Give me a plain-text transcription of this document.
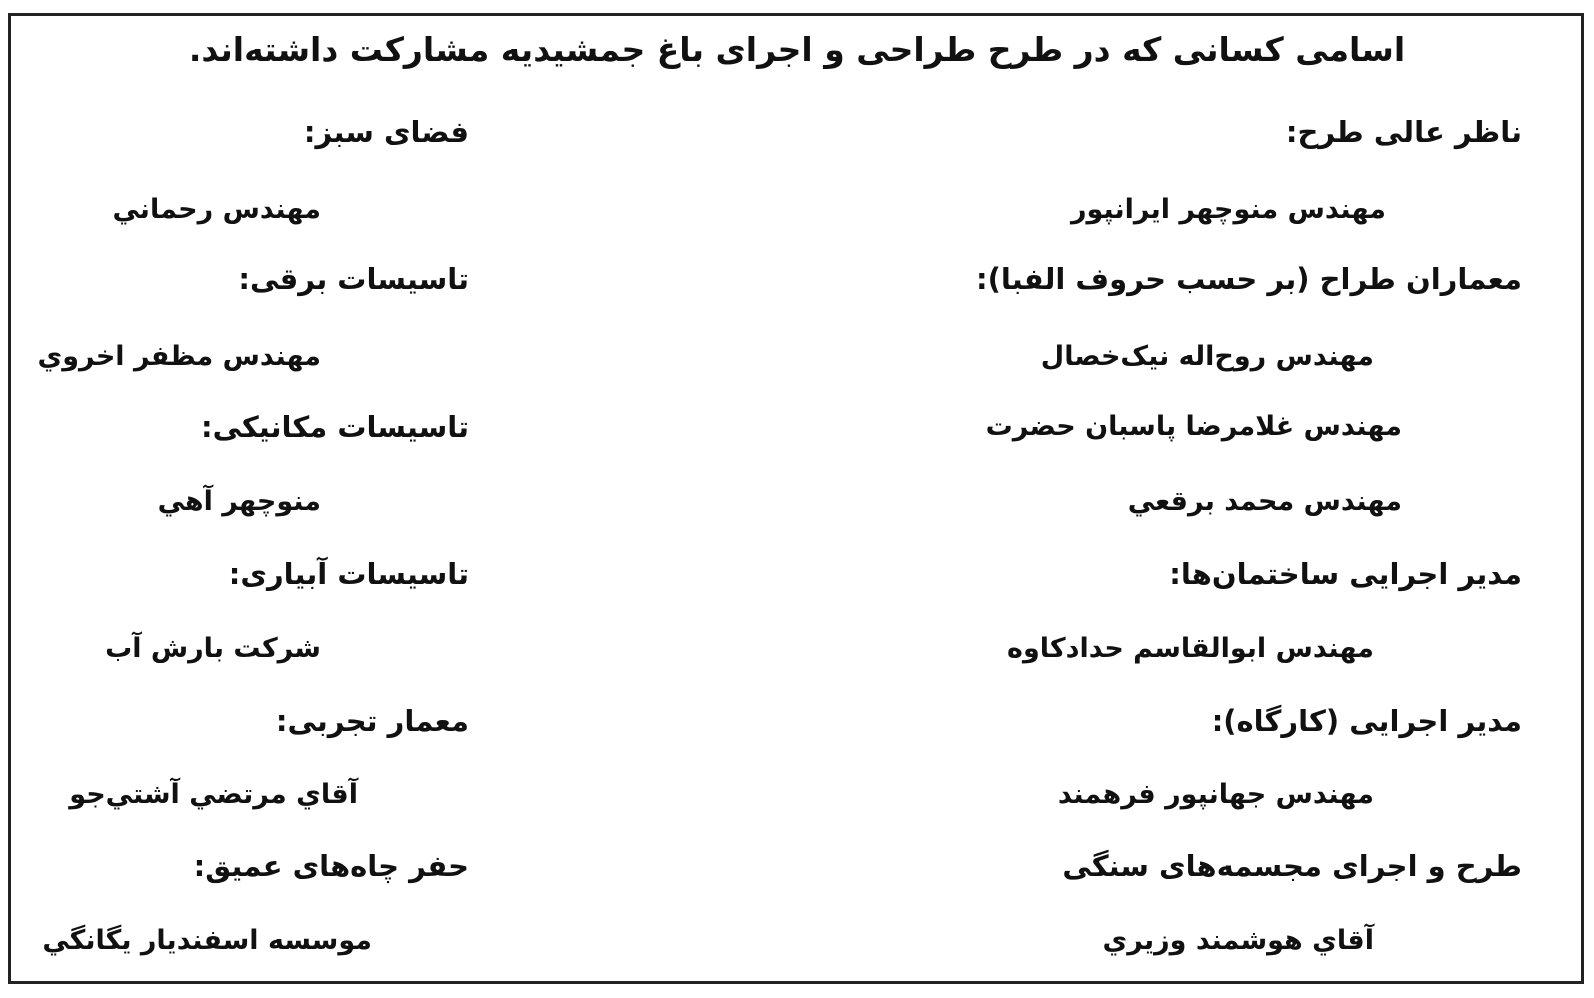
اسامی کسانی که در طرح طراحی و اجرای باغ جمشیدیه مشارکت داشته‌اند.
ناظر عالی طرح:
مهندس منوچهر ایرانپور
معماران طراح (بر حسب حروف الفبا):
مهندس روح‌اله نیک‌خصال
مهندس غلامرضا پاسبان حضرت
مهندس محمد برقعي
مدیر اجرایی ساختمان‌ها:
مهندس ابوالقاسم حدادکاوه
مدیر اجرایی (کارگاه):
مهندس جهانپور فرهمند
طرح و اجرای مجسمه‌های سنگی
آقاي هوشمند وزيري
فضای سبز:
مهندس رحماني
تاسیسات برقی:
مهندس مظفر اخروي
تاسیسات مکانیکی:
منوچهر آهي
تاسیسات آبیاری:
شرکت بارش آب
معمار تجربی:
آقاي مرتضي آشتي‌جو
حفر چاه‌های عمیق:
موسسه اسفنديار يگانگي
